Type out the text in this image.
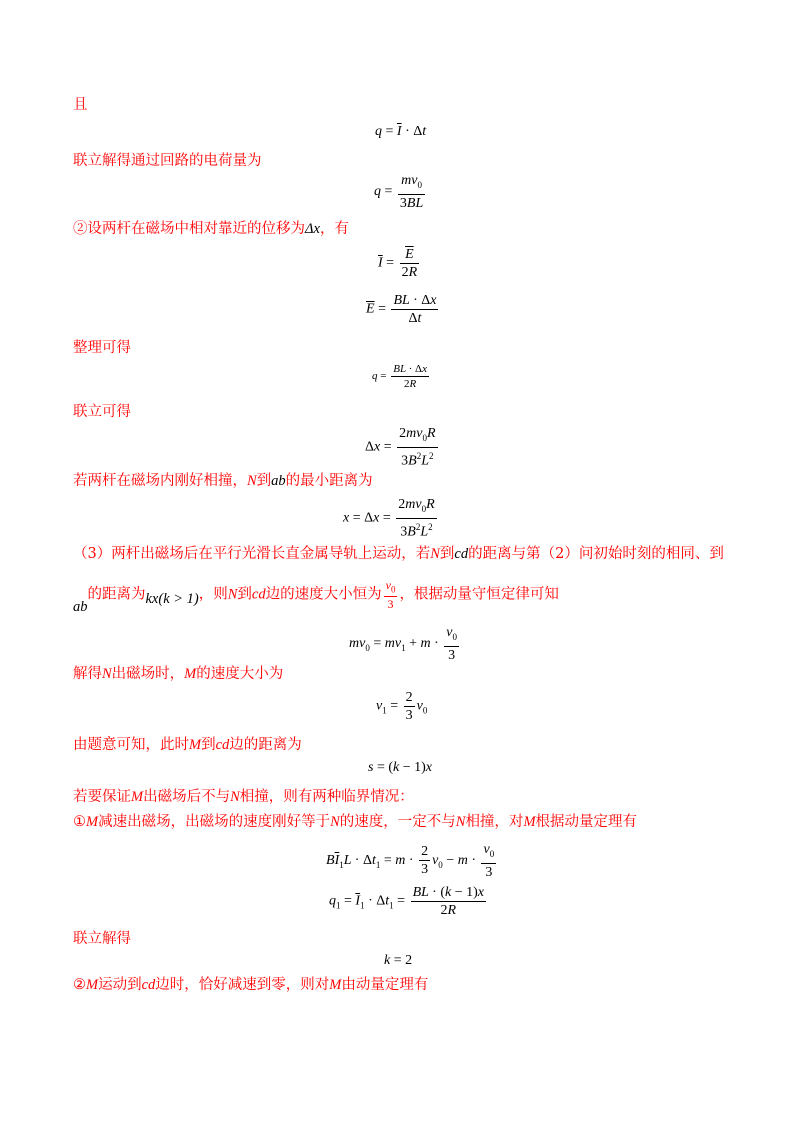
且
$q = \overline{I} \cdot \Delta t$
联立解得通过回路的电荷量为
$q = \frac{mv_0}{3BL}$
②设两杆在磁场中相对靠近的位移为Δx，有
$\overline{I} = \frac{\overline{E}}{2R}$
$\overline{E} = \frac{BL \cdot \Delta x}{\Delta t}$
整理可得
$q = \frac{BL \cdot \Delta x}{2R}$
联立可得
$\Delta x = \frac{2mv_0R}{3B^2L^2}$
若两杆在磁场内刚好相撞，N到ab的最小距离为
$x = \Delta x = \frac{2mv_0R}{3B^2L^2}$
（3）两杆出磁场后在平行光滑长直金属导轨上运动，若N到cd的距离与第（2）问初始时刻的相同、到
ab的距离为kx(k > 1)，则N到cd边的速度大小恒为 $\frac{v_0}{3}$ ，根据动量守恒定律可知
$mv_0 = mv_1 + m \cdot \frac{v_0}{3}$
解得N出磁场时，M的速度大小为
$v_1 = \frac{2}{3} v_0$
由题意可知，此时M到cd边的距离为
s = (k − 1)x
若要保证M出磁场后不与N相撞，则有两种临界情况：
①M减速出磁场，出磁场的速度刚好等于N的速度，一定不与N相撞，对M根据动量定理有
$B\overline{I}_1L \cdot \Delta t_1 = m \cdot \frac{2}{3} v_0 - m \cdot \frac{v_0}{3}$
$q_1 = \overline{I}_1 \cdot \Delta t_1 = \frac{BL \cdot (k - 1)x}{2R}$
联立解得
k = 2
②M运动到cd边时，恰好减速到零，则对M由动量定理有
